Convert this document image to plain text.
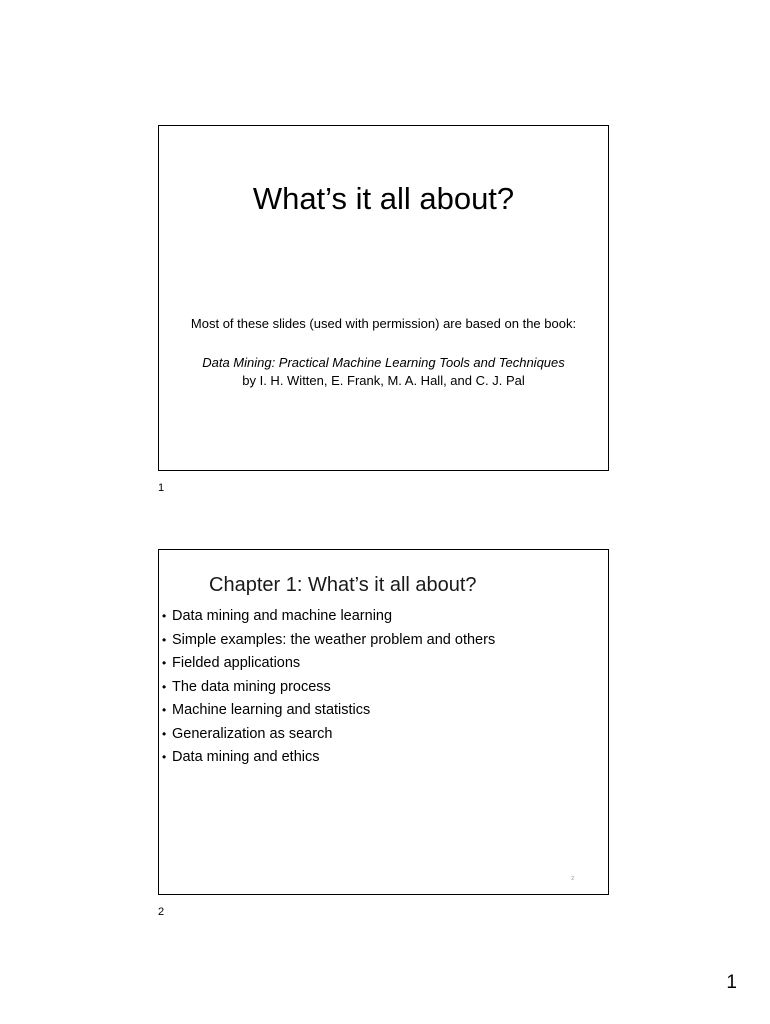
What’s it all about?
Most of these slides (used with permission) are based on the book:
Data Mining: Practical Machine Learning Tools and Techniques
by I. H. Witten, E. Frank, M. A. Hall, and C. J. Pal
1
Chapter 1: What’s it all about?
• Data mining and machine learning
• Simple examples: the weather problem and others
• Fielded applications
• The data mining process
• Machine learning and statistics
• Generalization as search
• Data mining and ethics
2
2
1
